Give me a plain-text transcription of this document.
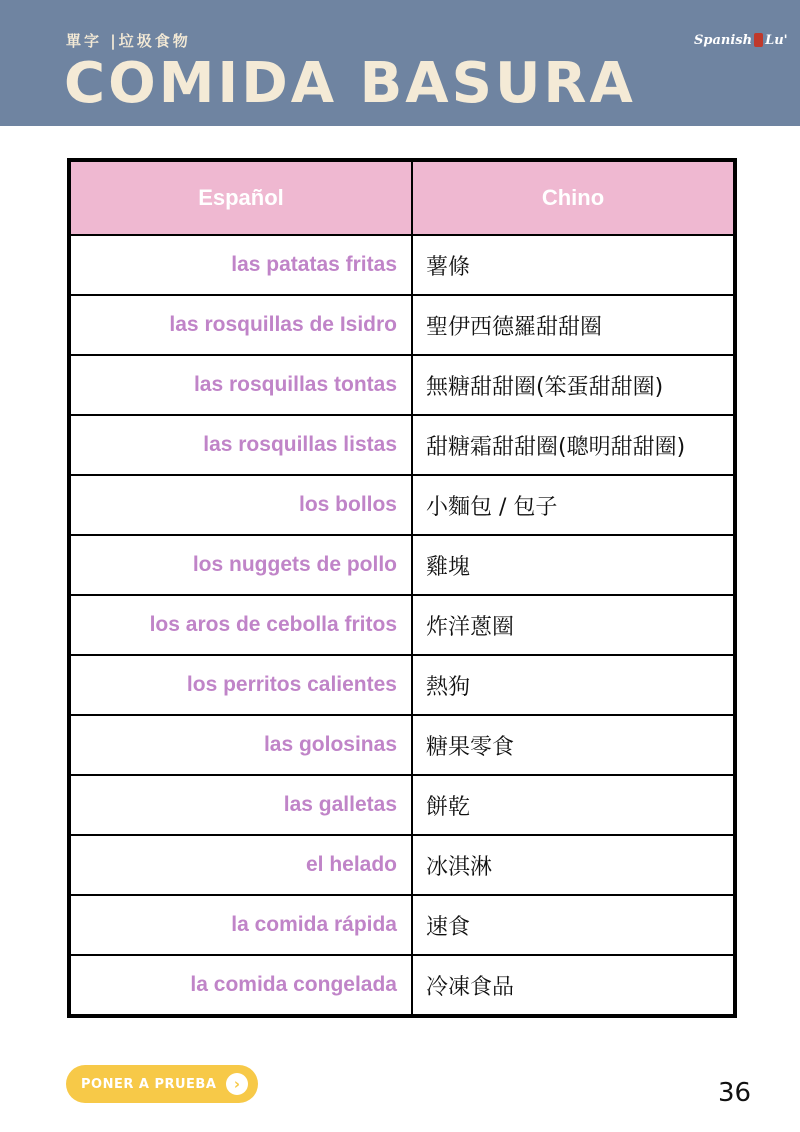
單字 |垃圾食物
COMIDA BASURA
Spanish Lu'
Español	Chino
las patatas fritas	薯條
las rosquillas de Isidro	聖伊西德羅甜甜圈
las rosquillas tontas	無糖甜甜圈(笨蛋甜甜圈)
las rosquillas listas	甜糖霜甜甜圈(聰明甜甜圈)
los bollos	小麵包 / 包子
los nuggets de pollo	雞塊
los aros de cebolla fritos	炸洋蔥圈
los perritos calientes	熱狗
las golosinas	糖果零食
las galletas	餅乾
el helado	冰淇淋
la comida rápida	速食
la comida congelada	冷凍食品
PONER A PRUEBA	›	36
